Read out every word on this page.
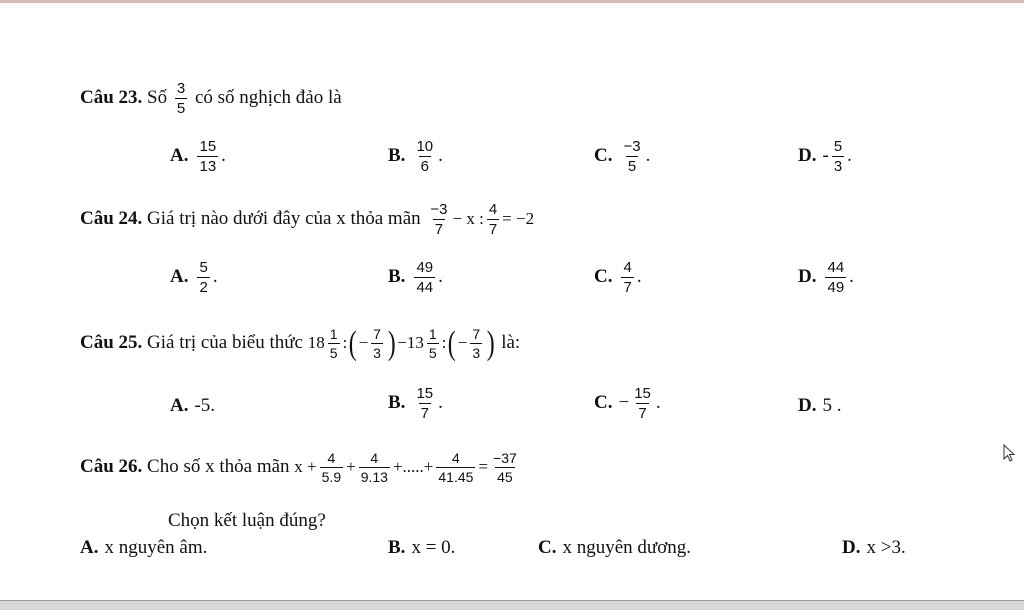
Câu 23. Số $\frac{3}{5}$ có số nghịch đảo là
A. $\frac{15}{13}$ .	B. $\frac{10}{6}$ .	C. $\frac{-3}{5}$ .	D. - $\frac{5}{3}$ .
Câu 24. Giá trị nào dưới đây của x thỏa mãn $\frac{-3}{7} - x$ : $\frac{4}{7} = -2$
A. $\frac{5}{2}$ .	B. $\frac{49}{44}$ .	C. $\frac{4}{7}$ .	D. $\frac{44}{49}$ .
Câu 25. Giá trị của biểu thức $18 \frac{1}{5}$ :(− $\frac{7}{3} )-13 \frac{1}{5}$ :(− $\frac{7}{3}$ ) là:
A. -5.	B. $\frac{15}{7}$ .	C. − $\frac{15}{7}$ .	D. 5 .
Câu 26. Cho số x thỏa mãn $x + \frac{4}{5.9} + \frac{4}{9.13}$ +.....+ $\frac{4}{41.45} = \frac{-37}{45}$
Chọn kết luận đúng?
A. x nguyên âm.	B. x = 0.	C. x nguyên dương.	D. x >3.
